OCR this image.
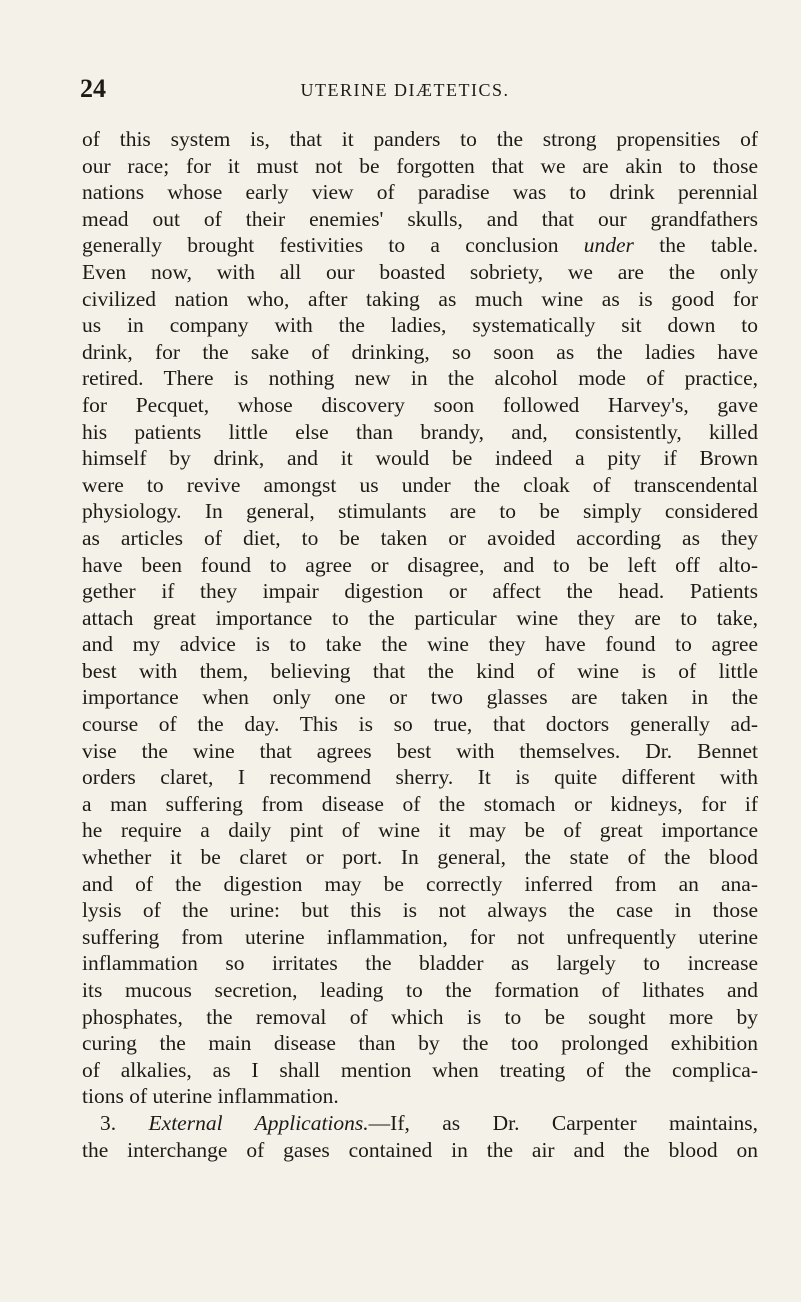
24	UTERINE DIÆTETICS.
of this system is, that it panders to the strong propensities of
our race; for it must not be forgotten that we are akin to those
nations whose early view of paradise was to drink perennial
mead out of their enemies' skulls, and that our grandfathers
generally brought festivities to a conclusion under the table.
Even now, with all our boasted sobriety, we are the only
civilized nation who, after taking as much wine as is good for
us in company with the ladies, systematically sit down to
drink, for the sake of drinking, so soon as the ladies have
retired. There is nothing new in the alcohol mode of practice,
for Pecquet, whose discovery soon followed Harvey's, gave
his patients little else than brandy, and, consistently, killed
himself by drink, and it would be indeed a pity if Brown
were to revive amongst us under the cloak of transcendental
physiology. In general, stimulants are to be simply considered
as articles of diet, to be taken or avoided according as they
have been found to agree or disagree, and to be left off alto-
gether if they impair digestion or affect the head. Patients
attach great importance to the particular wine they are to take,
and my advice is to take the wine they have found to agree
best with them, believing that the kind of wine is of little
importance when only one or two glasses are taken in the
course of the day. This is so true, that doctors generally ad-
vise the wine that agrees best with themselves. Dr. Bennet
orders claret, I recommend sherry. It is quite different with
a man suffering from disease of the stomach or kidneys, for if
he require a daily pint of wine it may be of great importance
whether it be claret or port. In general, the state of the blood
and of the digestion may be correctly inferred from an ana-
lysis of the urine: but this is not always the case in those
suffering from uterine inflammation, for not unfrequently uterine
inflammation so irritates the bladder as largely to increase
its mucous secretion, leading to the formation of lithates and
phosphates, the removal of which is to be sought more by
curing the main disease than by the too prolonged exhibition
of alkalies, as I shall mention when treating of the complica-
tions of uterine inflammation.
3. External Applications.—If, as Dr. Carpenter maintains,
the interchange of gases contained in the air and the blood on
